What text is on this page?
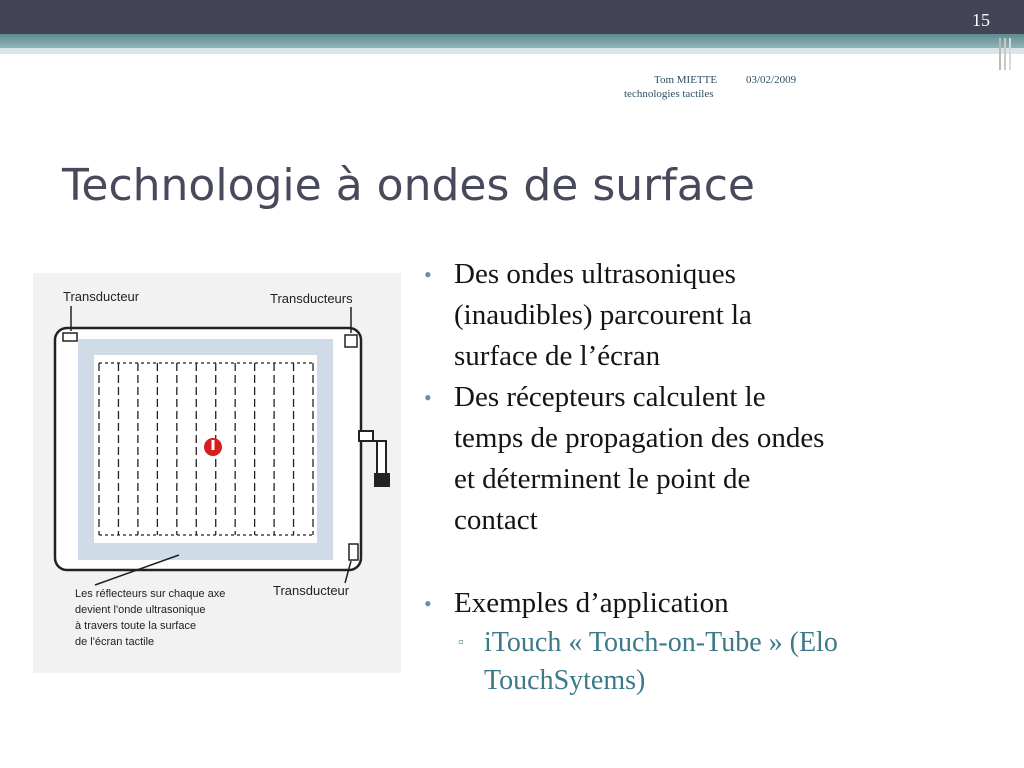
15
Tom MIETTE	03/02/2009
technologies tactiles
Technologie à ondes de surface
Transducteur	Transducteurs
Transducteur
Les réflecteurs sur chaque axe
devient l'onde ultrasonique
à travers toute la surface
de l'écran tactile
• Des ondes ultrasoniques
(inaudibles) parcourent la
surface de l’écran
• Des récepteurs calculent le
temps de propagation des ondes
et déterminent le point de
contact
• Exemples d’application
▫ iTouch « Touch-on-Tube » (Elo
TouchSytems)
